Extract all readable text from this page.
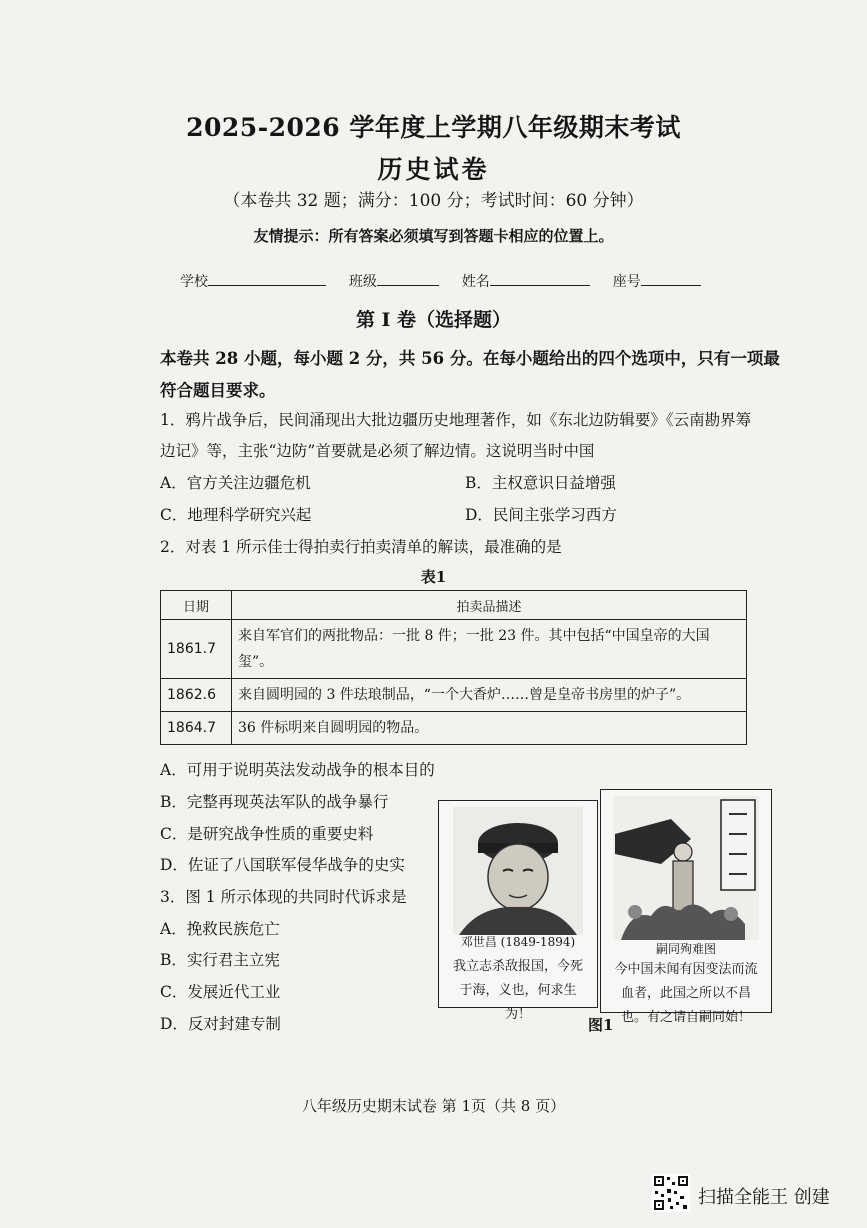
2025-2026 学年度上学期八年级期末考试
历史试卷
（本卷共 32 题；满分：100 分；考试时间：60 分钟）
友情提示：所有答案必须填写到答题卡相应的位置上。
学校	班级	姓名	座号
第 I 卷（选择题）
本卷共 28 小题，每小题 2 分，共 56 分。在每小题给出的四个选项中，只有一项最符合题目要求。
1．鸦片战争后，民间涌现出大批边疆历史地理著作，如《东北边防辑要》《云南勘界筹
边记》等，主张“边防”首要就是必须了解边情。这说明当时中国
A．官方关注边疆危机	B．主权意识日益增强
C．地理科学研究兴起	D．民间主张学习西方
2．对表 1 所示佳士得拍卖行拍卖清单的解读，最准确的是
表1
日期	拍卖品描述
1861.7	来自军官们的两批物品：一批 8 件；一批 23 件。其中包括“中国皇帝的大国玺”。
1862.6	来自圆明园的 3 件珐琅制品，“一个大香炉……曾是皇帝书房里的炉子”。
1864.7	36 件标明来自圆明园的物品。
A．可用于说明英法发动战争的根本目的
B．完整再现英法军队的战争暴行
C．是研究战争性质的重要史料
D．佐证了八国联军侵华战争的史实
3．图 1 所示体现的共同时代诉求是
A．挽救民族危亡
B．实行君主立宪
C．发展近代工业
D．反对封建专制
邓世昌 (1849-1894)
我立志杀敌报国，今死于海，义也，何求生为！
嗣同殉难图
今中国未闻有因变法而流血者，此国之所以不昌也。有之请自嗣同始！
图1
八年级历史期末试卷 第 1页（共 8 页）
扫描全能王 创建
